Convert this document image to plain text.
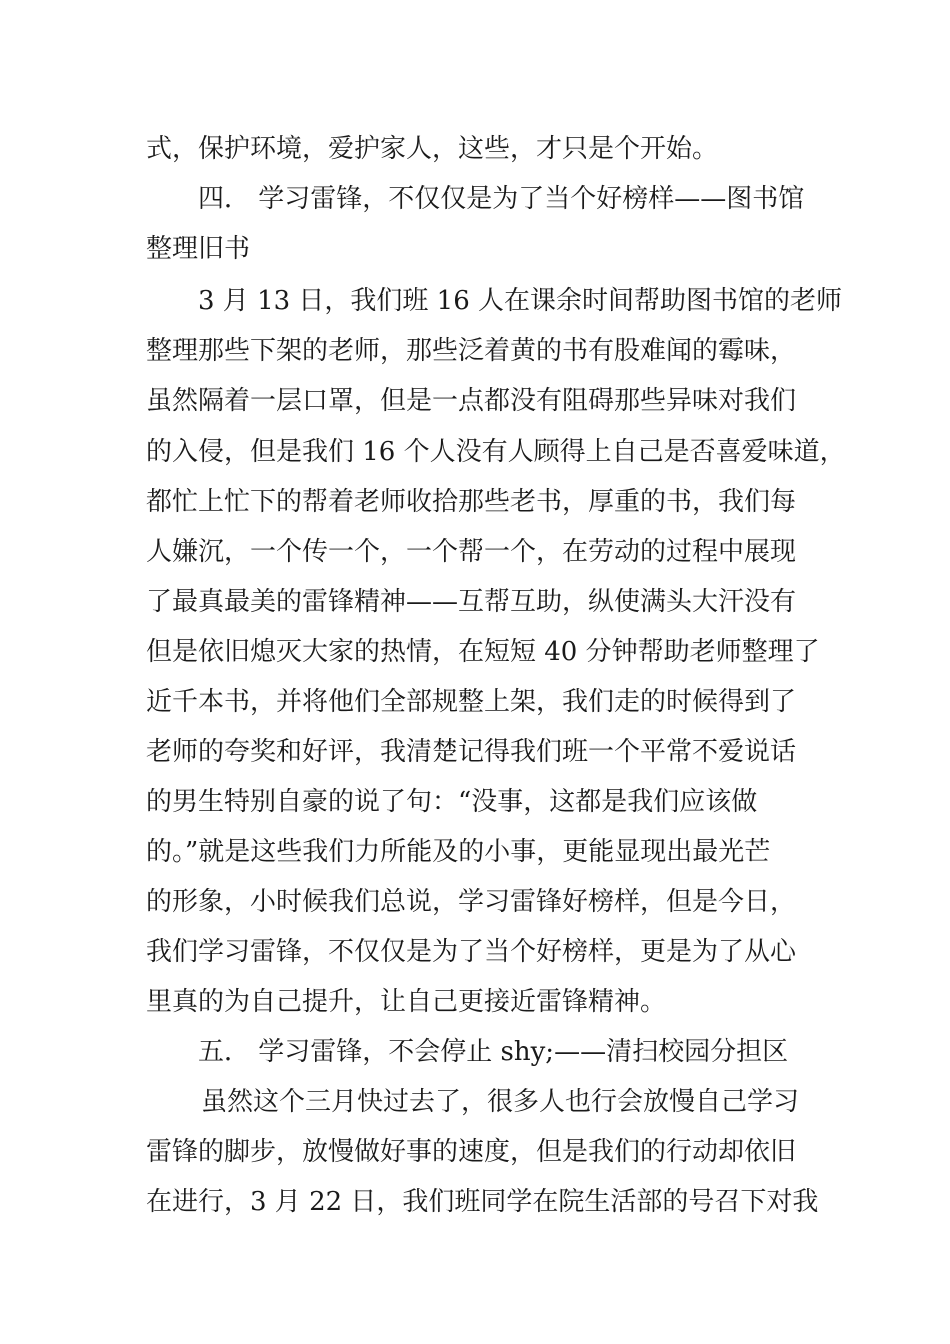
式，保护环境，爱护家人，这些，才只是个开始。
四． 学习雷锋，不仅仅是为了当个好榜样——图书馆
整理旧书
3 月 13 日，我们班 16 人在课余时间帮助图书馆的老师
整理那些下架的老师，那些泛着黄的书有股难闻的霉味，
虽然隔着一层口罩，但是一点都没有阻碍那些异味对我们
的入侵，但是我们 16 个人没有人顾得上自己是否喜爱味道，
都忙上忙下的帮着老师收拾那些老书，厚重的书，我们每
人嫌沉，一个传一个，一个帮一个，在劳动的过程中展现
了最真最美的雷锋精神——互帮互助，纵使满头大汗没有
但是依旧熄灭大家的热情，在短短 40 分钟帮助老师整理了
近千本书，并将他们全部规整上架，我们走的时候得到了
老师的夸奖和好评，我清楚记得我们班一个平常不爱说话
的男生特别自豪的说了句：“没事，这都是我们应该做
的。”就是这些我们力所能及的小事，更能显现出最光芒
的形象，小时候我们总说，学习雷锋好榜样，但是今日，
我们学习雷锋，不仅仅是为了当个好榜样，更是为了从心
里真的为自己提升，让自己更接近雷锋精神。
五． 学习雷锋，不会停止 shy;——清扫校园分担区
虽然这个三月快过去了，很多人也行会放慢自己学习
雷锋的脚步，放慢做好事的速度，但是我们的行动却依旧
在进行，3 月 22 日，我们班同学在院生活部的号召下对我
